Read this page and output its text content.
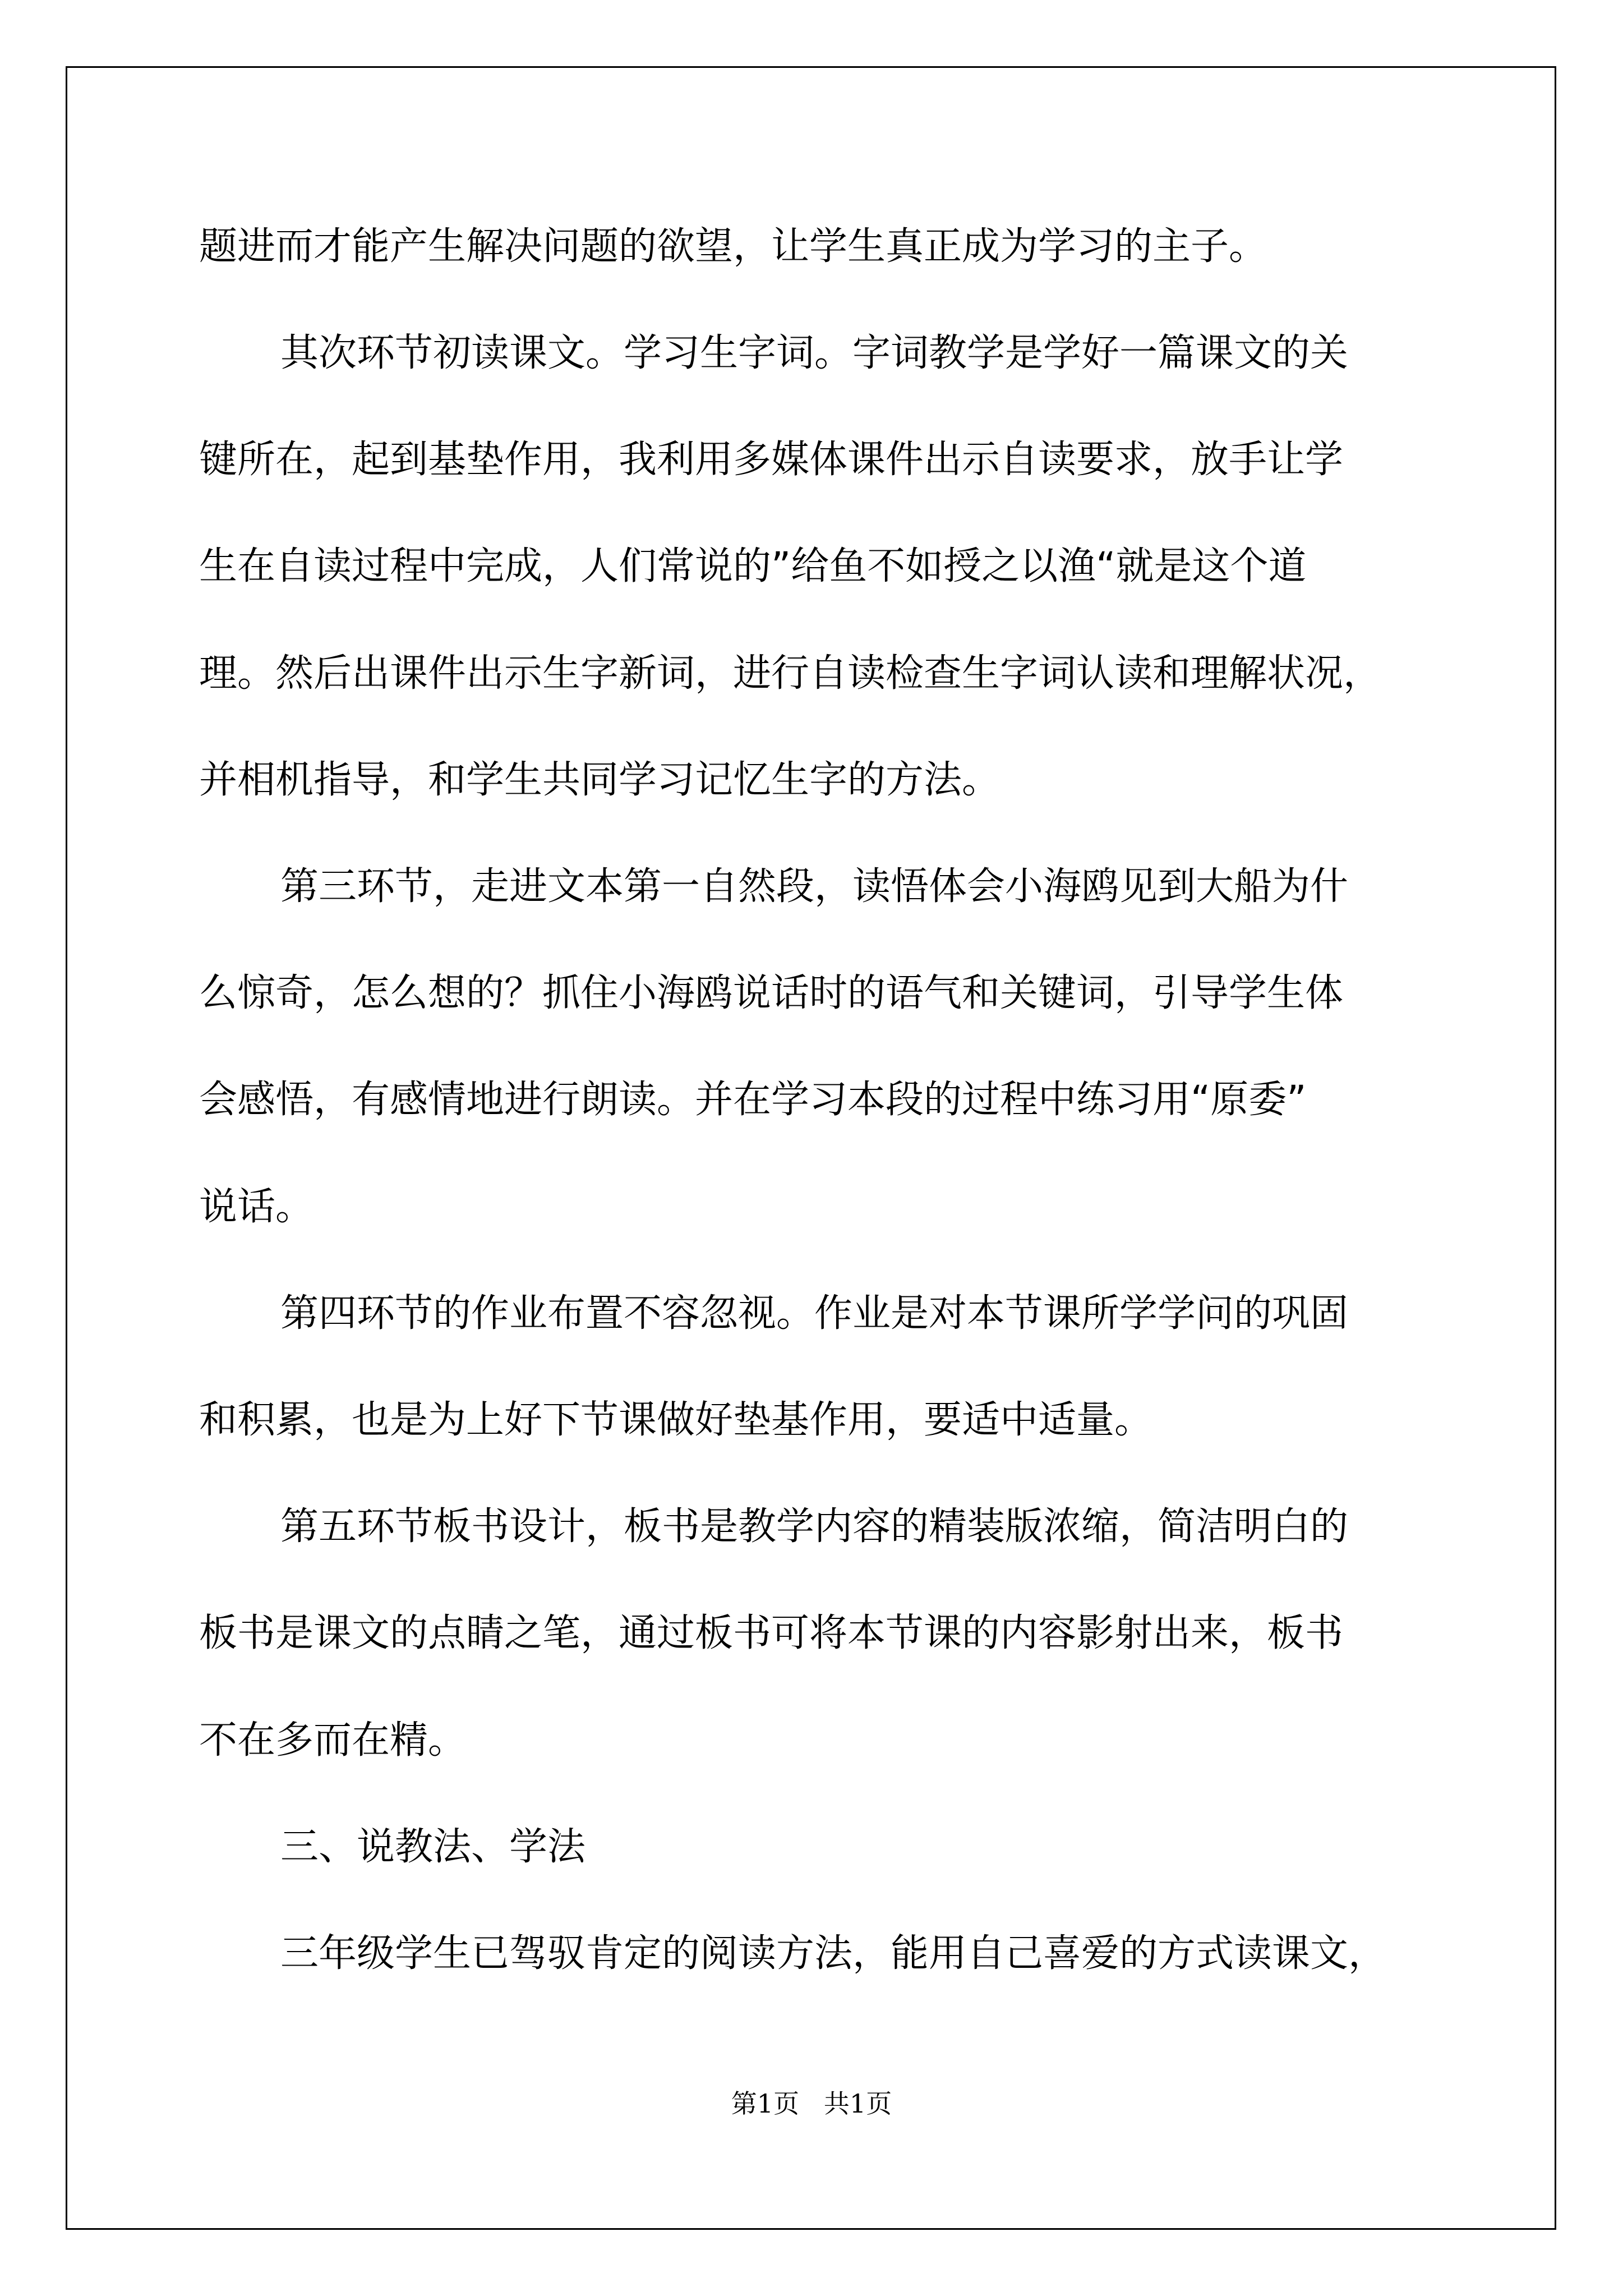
题进而才能产生解决问题的欲望，让学生真正成为学习的主子。

其次环节初读课文。学习生字词。字词教学是学好一篇课文的关

键所在，起到基垫作用，我利用多媒体课件出示自读要求，放手让学

生在自读过程中完成，人们常说的”给鱼不如授之以渔“就是这个道

理。然后出课件出示生字新词，进行自读检查生字词认读和理解状况，

并相机指导，和学生共同学习记忆生字的方法。

第三环节，走进文本第一自然段，读悟体会小海鸥见到大船为什

么惊奇，怎么想的？抓住小海鸥说话时的语气和关键词，引导学生体

会感悟，有感情地进行朗读。并在学习本段的过程中练习用“原委”

说话。

第四环节的作业布置不容忽视。作业是对本节课所学学问的巩固

和积累，也是为上好下节课做好垫基作用，要适中适量。

第五环节板书设计，板书是教学内容的精装版浓缩，简洁明白的

板书是课文的点睛之笔，通过板书可将本节课的内容影射出来，板书

不在多而在精。

三、说教法、学法

三年级学生已驾驭肯定的阅读方法，能用自己喜爱的方式读课文，

第1页   共1页
